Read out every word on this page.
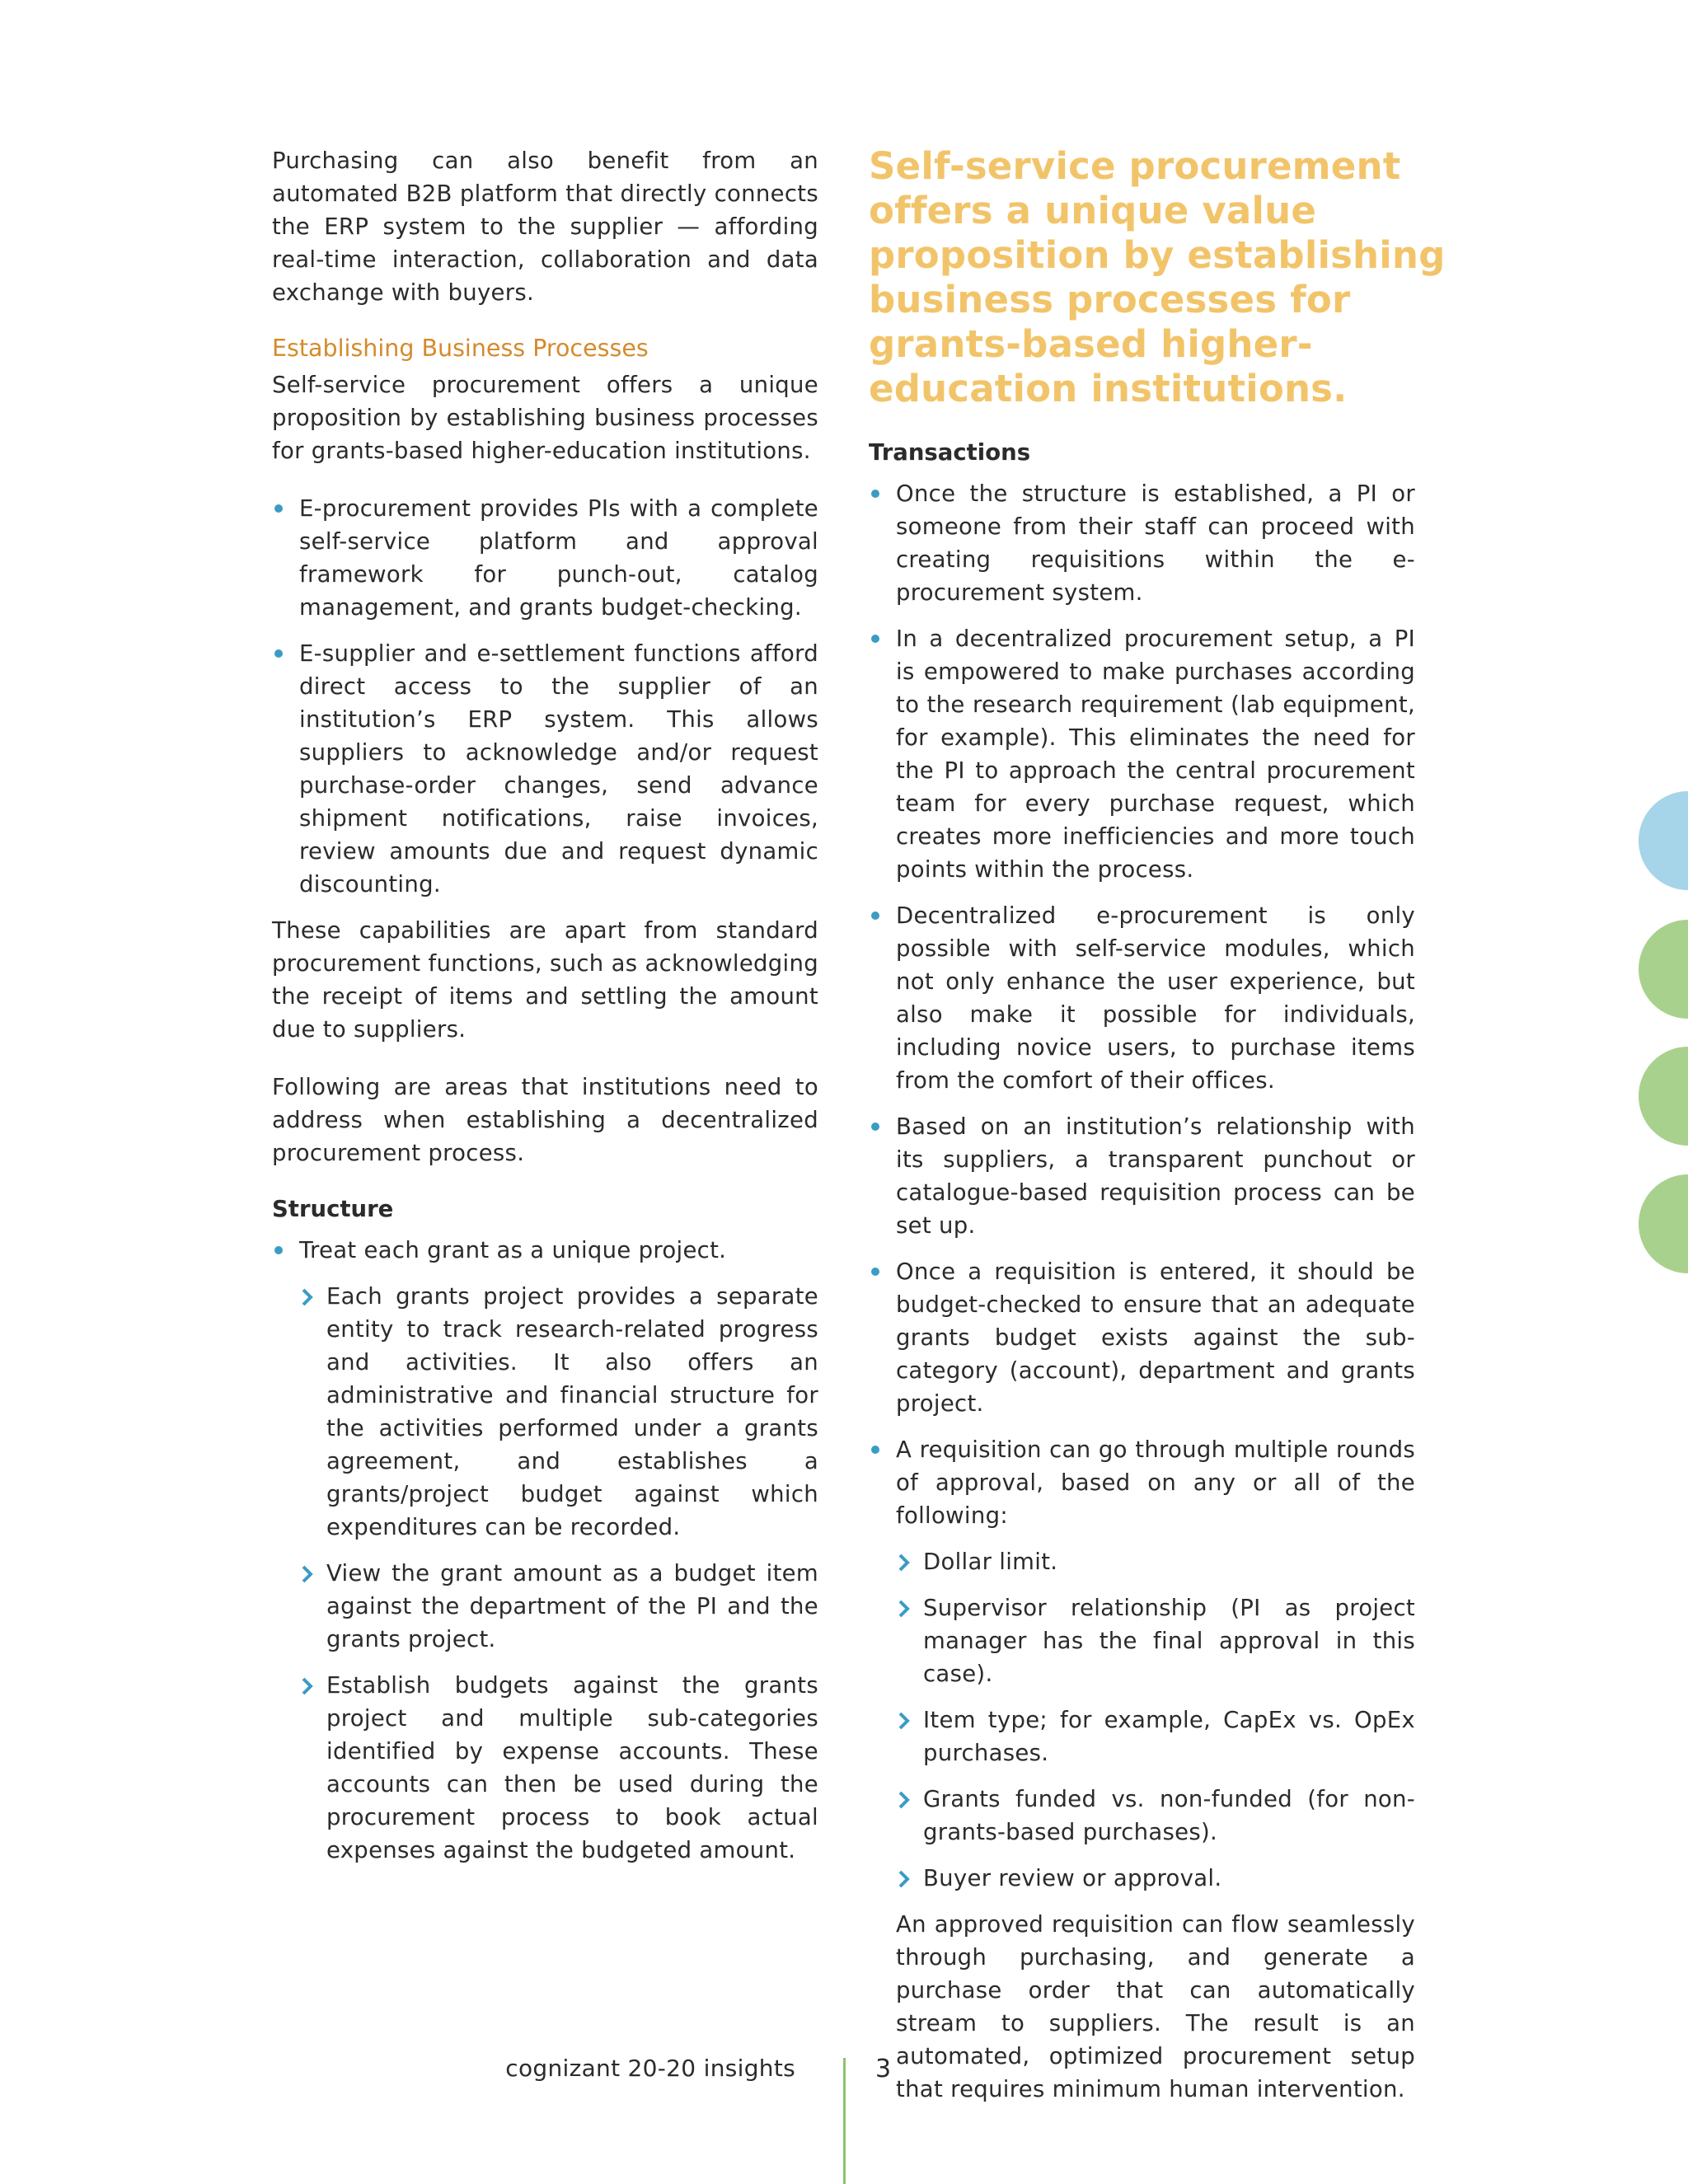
Purchasing can also benefit from an automated B2B platform that directly connects the ERP system to the supplier — affording real-time interaction, collaboration and data exchange with buyers.

Establishing Business Processes

Self-service procurement offers a unique proposition by establishing business processes for grants-based higher-education institutions.

E-procurement provides PIs with a complete self-service platform and approval framework for punch-out, catalog management, and grants budget-checking.
E-supplier and e-settlement functions afford direct access to the supplier of an institution’s ERP system. This allows suppliers to acknowledge and/or request purchase-order changes, send advance shipment notifications, raise invoices, review amounts due and request dynamic discounting.

These capabilities are apart from standard procurement functions, such as acknowledging the receipt of items and settling the amount due to suppliers.

Following are areas that institutions need to address when establishing a decentralized procurement process.

Structure

Treat each grant as a unique project.
Each grants project provides a separate entity to track research-related progress and activities. It also offers an administrative and financial structure for the activities performed under a grants agreement, and establishes a grants/project budget against which expenditures can be recorded.
View the grant amount as a budget item against the department of the PI and the grants project.
Establish budgets against the grants project and multiple sub-categories identified by expense accounts. These accounts can then be used during the procurement process to book actual expenses against the budgeted amount.

Self-service procurement offers a unique value proposition by establishing business processes for grants-based higher-education institutions.

Transactions

Once the structure is established, a PI or someone from their staff can proceed with creating requisitions within the e-procurement system.
In a decentralized procurement setup, a PI is empowered to make purchases according to the research requirement (lab equipment, for example). This eliminates the need for the PI to approach the central procurement team for every purchase request, which creates more inefficiencies and more touch points within the process.
Decentralized e-procurement is only possible with self-service modules, which not only enhance the user experience, but also make it possible for individuals, including novice users, to purchase items from the comfort of their offices.
Based on an institution’s relationship with its suppliers, a transparent punchout or catalogue-based requisition process can be set up.
Once a requisition is entered, it should be budget-checked to ensure that an adequate grants budget exists against the sub-category (account), department and grants project.
A requisition can go through multiple rounds of approval, based on any or all of the following:
Dollar limit.
Supervisor relationship (PI as project manager has the final approval in this case).
Item type; for example, CapEx vs. OpEx purchases.
Grants funded vs. non-funded (for non-grants-based purchases).
Buyer review or approval.

An approved requisition can flow seamlessly through purchasing, and generate a purchase order that can automatically stream to suppliers. The result is an automated, optimized procurement setup that requires minimum human intervention.

cognizant 20-20 insights	3
